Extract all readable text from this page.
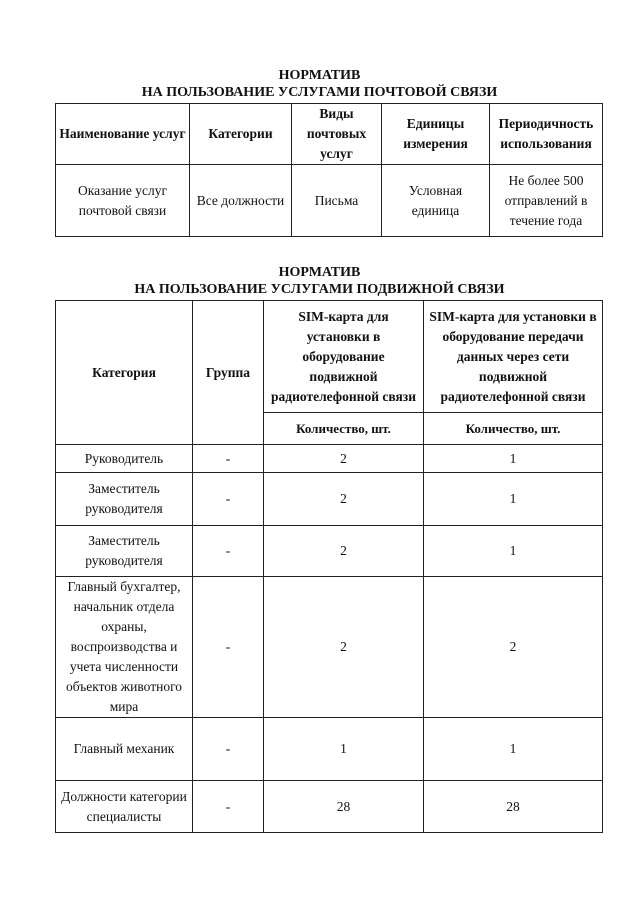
НОРМАТИВ
НА ПОЛЬЗОВАНИЕ УСЛУГАМИ ПОЧТОВОЙ СВЯЗИ
Наименование услуг	Категории	Виды почтовых услуг	Единицы измерения	Периодичность использования
Оказание услуг почтовой связи	Все должности	Письма	Условная единица	Не более 500 отправлений в течение года
НОРМАТИВ
НА ПОЛЬЗОВАНИЕ УСЛУГАМИ ПОДВИЖНОЙ СВЯЗИ
Категория	Группа	SIM-карта для установки в оборудование подвижной радиотелефонной связи	SIM-карта для установки в оборудование передачи данных через сети подвижной радиотелефонной связи
		Количество, шт.	Количество, шт.
Руководитель	-	2	1
Заместитель руководителя	-	2	1
Заместитель руководителя	-	2	1
Главный бухгалтер, начальник отдела охраны, воспроизводства и учета численности объектов животного мира	-	2	2
Главный механик	-	1	1
Должности категории специалисты	-	28	28
